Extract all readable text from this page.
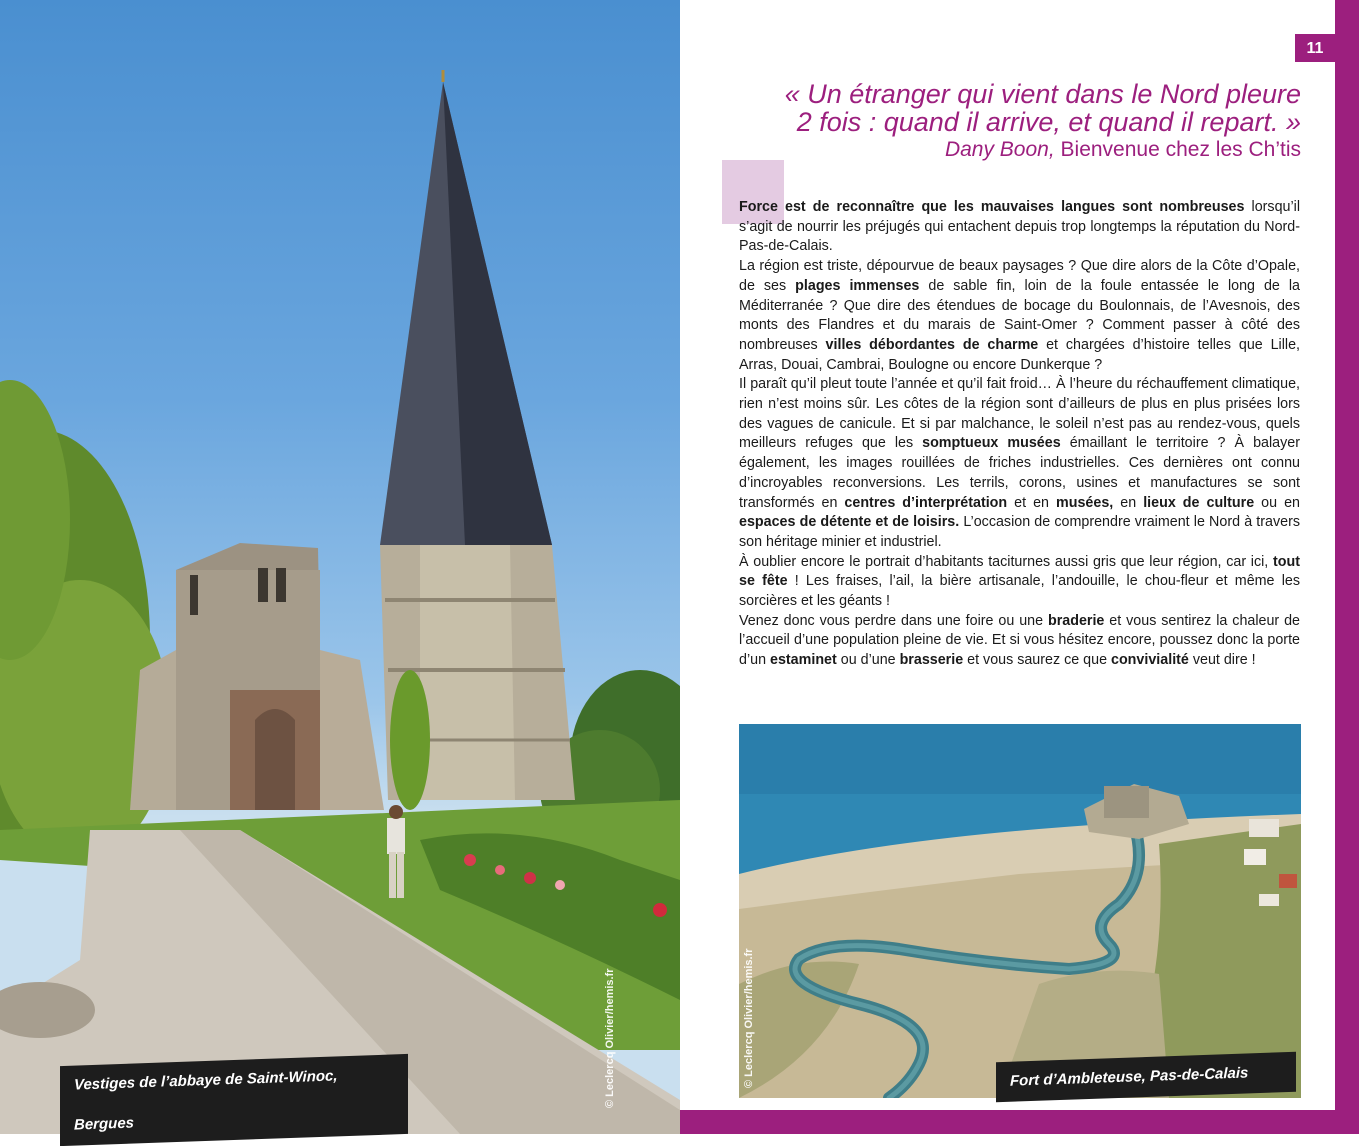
© Leclercq Olivier/hemis.fr
Vestiges de l’abbaye de Saint-Winoc, Bergues
11
« Un étranger qui vient dans le Nord pleure
2 fois : quand il arrive, et quand il repart. »
Dany Boon, Bienvenue chez les Ch’tis

Force est de reconnaître que les mauvaises langues sont nombreuses lorsqu’il s’agit de nourrir les préjugés qui entachent depuis trop longtemps la réputation du Nord-Pas-de-Calais.

La région est triste, dépourvue de beaux paysages ? Que dire alors de la Côte d’Opale, de ses plages immenses de sable fin, loin de la foule entassée le long de la Méditerranée ? Que dire des étendues de bocage du Boulonnais, de l’Avesnois, des monts des Flandres et du marais de Saint-Omer ? Comment passer à côté des nombreuses villes débordantes de charme et chargées d’histoire telles que Lille, Arras, Douai, Cambrai, Boulogne ou encore Dunkerque ?

Il paraît qu’il pleut toute l’année et qu’il fait froid… À l’heure du réchauffement climatique, rien n’est moins sûr. Les côtes de la région sont d’ailleurs de plus en plus prisées lors des vagues de canicule. Et si par malchance, le soleil n’est pas au rendez-vous, quels meilleurs refuges que les somptueux musées émaillant le territoire ? À balayer également, les images rouillées de friches industrielles. Ces dernières ont connu d’incroyables reconversions. Les terrils, corons, usines et manufactures se sont transformés en centres d’interprétation et en musées, en lieux de culture ou en espaces de détente et de loisirs. L’occasion de comprendre vraiment le Nord à travers son héritage minier et industriel.

À oublier encore le portrait d’habitants taciturnes aussi gris que leur région, car ici, tout se fête ! Les fraises, l’ail, la bière artisanale, l’andouille, le chou-fleur et même les sorcières et les géants !

Venez donc vous perdre dans une foire ou une braderie et vous sentirez la chaleur de l’accueil d’une population pleine de vie. Et si vous hésitez encore, poussez donc la porte d’un estaminet ou d’une brasserie et vous saurez ce que convivialité veut dire !

© Leclercq Olivier/hemis.fr	Fort d’Ambleteuse, Pas-de-Calais
